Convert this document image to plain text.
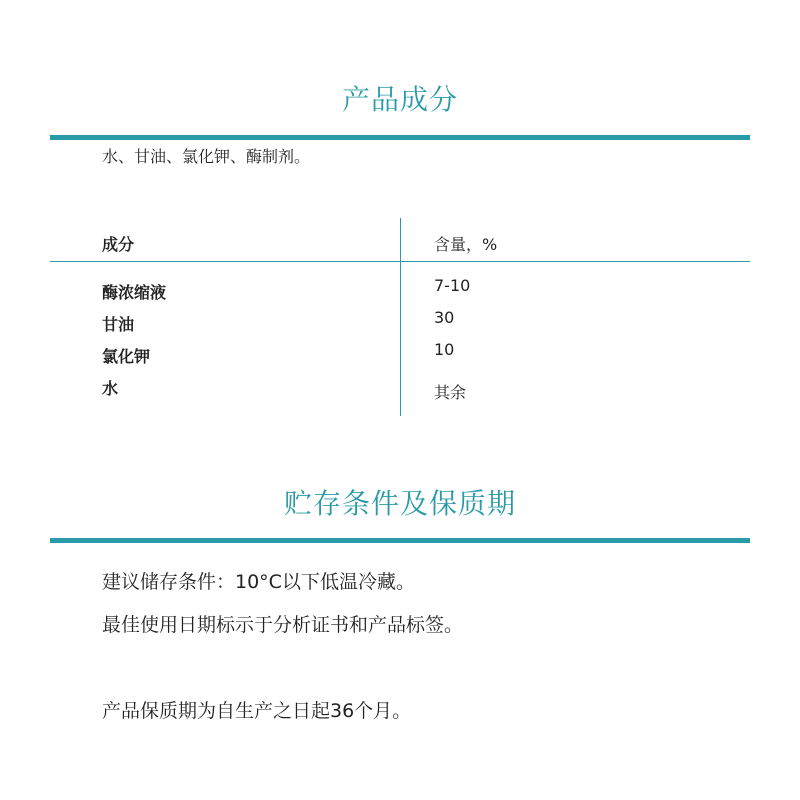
产品成分
水、甘油、氯化钾、酶制剂。
成分	含量，%
酶浓缩液	7-10
甘油	30
氯化钾	10
水	其余
贮存条件及保质期
建议储存条件：10°C以下低温冷藏。
最佳使用日期标示于分析证书和产品标签。
产品保质期为自生产之日起36个月。
